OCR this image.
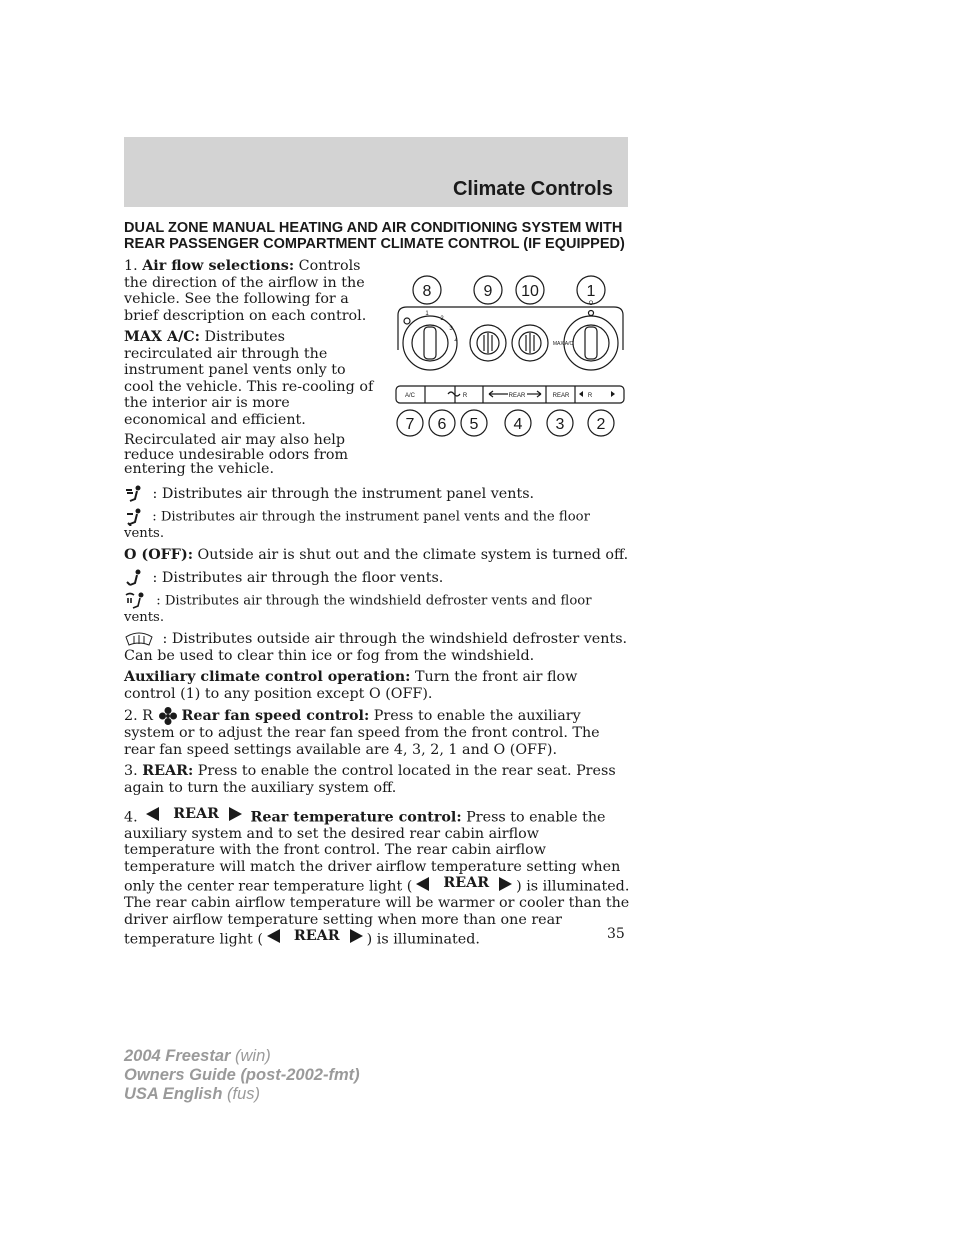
Climate Controls
8	9 10	1
1
2
3
4
O
MAX A/C
A/C	R	REAR	REAR	R
7 6 5 4 3 2
DUAL ZONE MANUAL HEATING AND AIR CONDITIONING SYSTEM WITH REAR PASSENGER COMPARTMENT CLIMATE CONTROL (IF EQUIPPED)

1. Air flow selections: Controls the direction of the airflow in the vehicle. See the following for a brief description on each control.

MAX A/C: Distributes recirculated air through the instrument panel vents only to cool the vehicle. This re-cooling of the interior air is more economical and efficient.

Recirculated air may also help reduce undesirable odors from entering the vehicle.

: Distributes air through the instrument panel vents.

: Distributes air through the instrument panel vents and the floor vents.

O (OFF): Outside air is shut out and the climate system is turned off.

: Distributes air through the floor vents.

: Distributes air through the windshield defroster vents and floor vents.

: Distributes outside air through the windshield defroster vents. Can be used to clear thin ice or fog from the windshield.

Auxiliary climate control operation: Turn the front air flow control (1) to any position except O (OFF).

2. R Rear fan speed control: Press to enable the auxiliary system or to adjust the rear fan speed from the front control. The rear fan speed settings available are 4, 3, 2, 1 and O (OFF).

3. REAR: Press to enable the control located in the rear seat. Press again to turn the auxiliary system off.

4. REAR Rear temperature control: Press to enable the auxiliary system and to set the desired rear cabin airflow temperature with the front control. The rear cabin airflow temperature will match the driver airflow temperature setting when only the center rear temperature light ( REAR ) is illuminated. The rear cabin airflow temperature will be warmer or cooler than the driver airflow temperature setting when more than one rear temperature light ( REAR ) is illuminated.	35
2004 Freestar (win)
Owners Guide (post-2002-fmt)
USA English (fus)
